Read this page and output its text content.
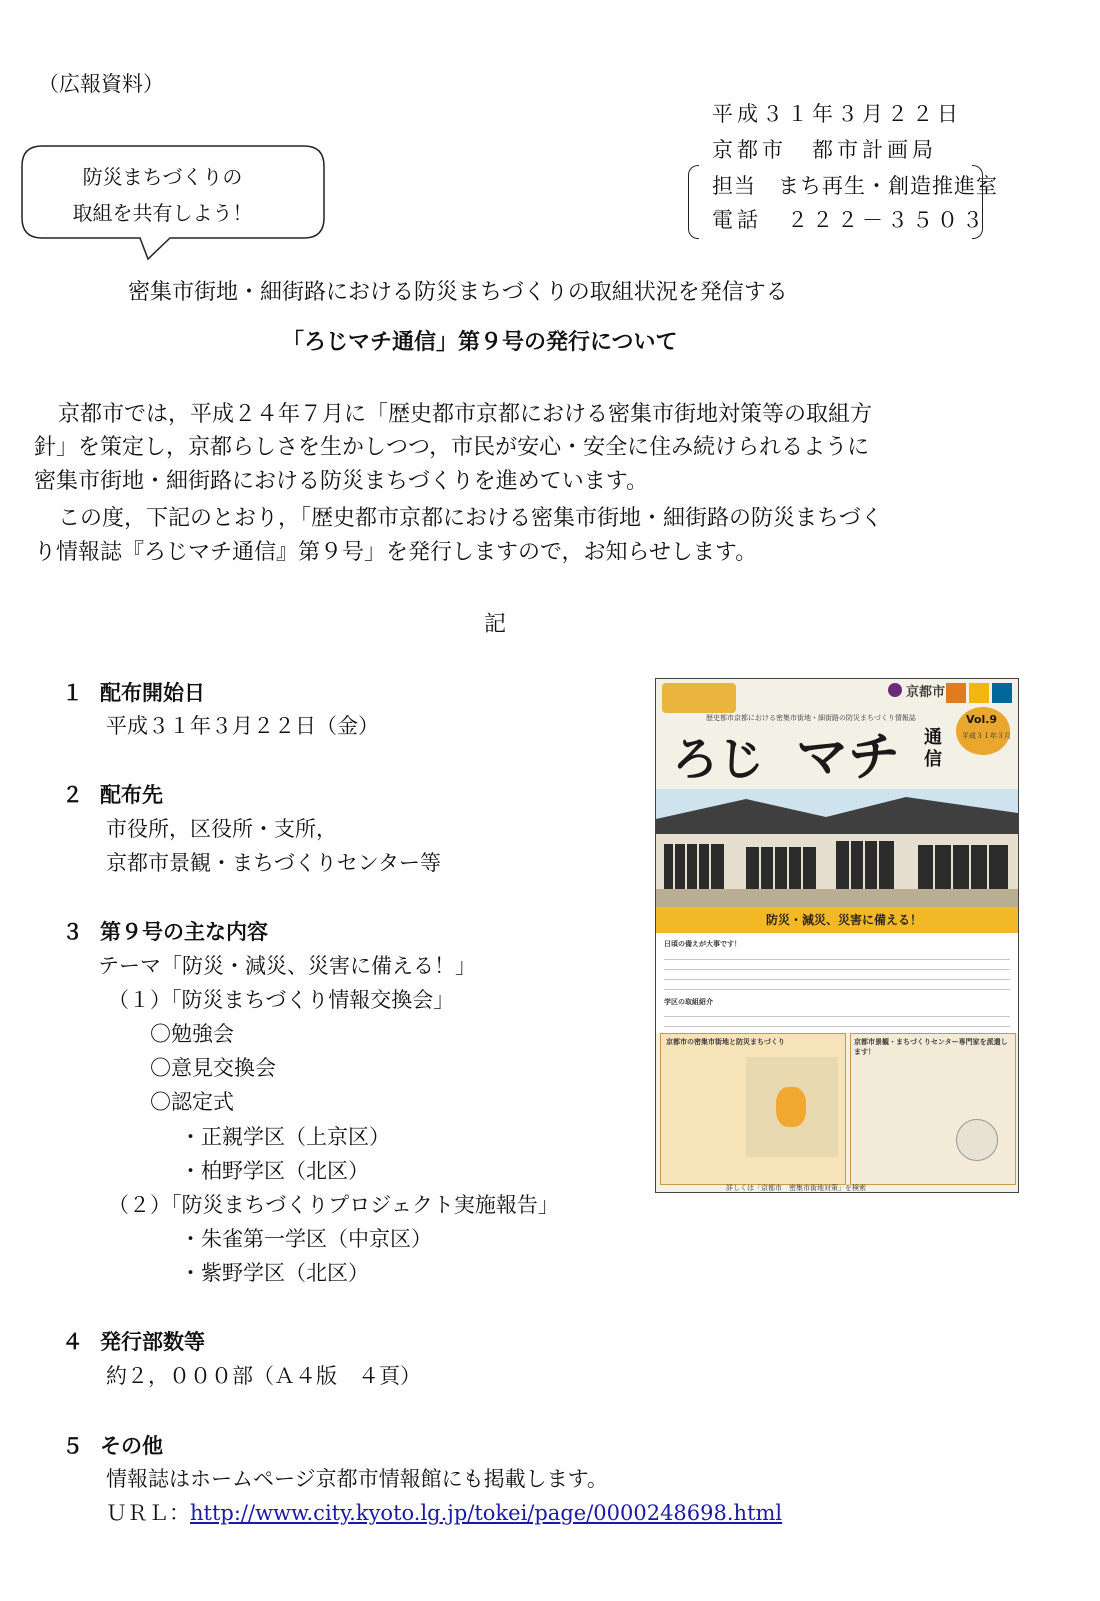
（広報資料）
防災まちづくりの
取組を共有しよう！
平成３１年３月２２日
京都市　都市計画局
担当　まち再生・創造推進室
電話　２２２－３５０３
密集市街地・細街路における防災まちづくりの取組状況を発信する
「ろじマチ通信」第９号の発行について
京都市では，平成２４年７月に「歴史都市京都における密集市街地対策等の取組方
針」を策定し，京都らしさを生かしつつ，市民が安心・安全に住み続けられるように
密集市街地・細街路における防災まちづくりを進めています。
この度，下記のとおり，「歴史都市京都における密集市街地・細街路の防災まちづく
り情報誌『ろじマチ通信』第９号」を発行しますので，お知らせします。
記
１ 配布開始日
平成３１年３月２２日（金）
２ 配布先
市役所，区役所・支所，
京都市景観・まちづくりセンター等
３ 第９号の主な内容
テーマ「防災・減災、災害に備える！」
（１）「防災まちづくり情報交換会」
〇勉強会
〇意見交換会
〇認定式
・正親学区（上京区）
・柏野学区（北区）
（２）「防災まちづくりプロジェクト実施報告」
・朱雀第一学区（中京区）
・紫野学区（北区）
４ 発行部数等
約２，０００部（Ａ４版　４頁）
５ その他
情報誌はホームページ京都市情報館にも掲載します。
ＵＲＬ：http://www.city.kyoto.lg.jp/tokei/page/0000248698.html
京都市
歴史都市京都における密集市街地・細街路の防災まちづくり情報誌
ろじ マチ 通
信
Vol.9
平成３１年３月
防災・減災、災害に備える！
日頃の備えが大事です！
学区の取組紹介
京都市の密集市街地と防災まちづくり	京都市景観・まちづくりセンター専門家を派遣します！
詳しくは「京都市　密集市街地対策」を検索
